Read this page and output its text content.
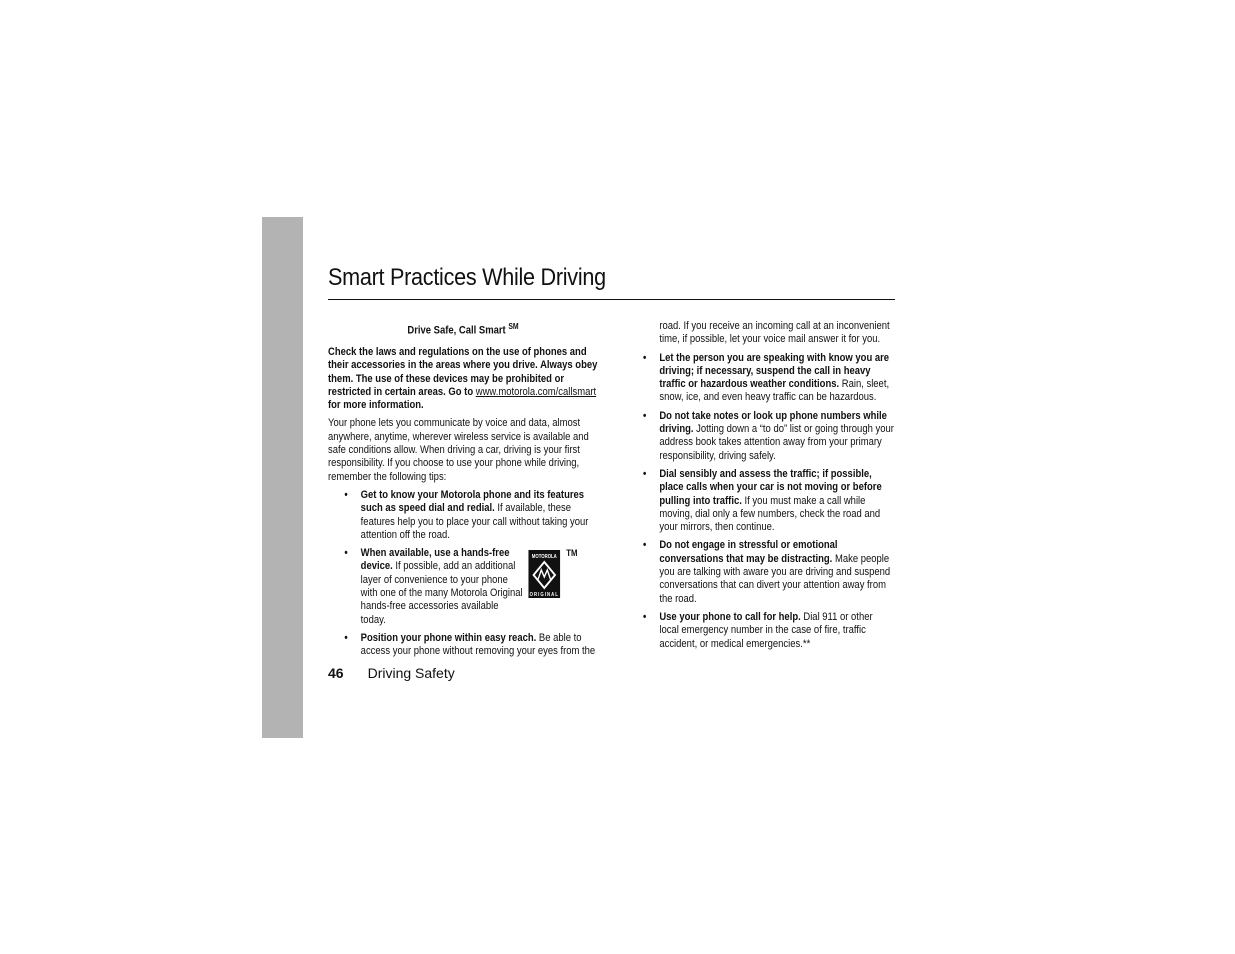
Smart Practices While Driving

Drive Safe, Call Smart ℠

Check the laws and regulations on the use of phones and their accessories in the areas where you drive. Always obey them. The use of these devices may be prohibited or restricted in certain areas. Go to www.motorola.com/callsmart for more information.

Your phone lets you communicate by voice and data, almost anywhere, anytime, wherever wireless service is available and safe conditions allow. When driving a car, driving is your first responsibility. If you choose to use your phone while driving, remember the following tips:

• Get to know your Motorola phone and its features such as speed dial and redial. If available, these features help you to place your call without taking your attention off the road.
• When available, use a hands-free device. If possible, add an additional layer of convenience to your phone with one of the many Motorola Original hands-free accessories available today.
MOTOROLA
ORIGINAL
TM
• Position your phone within easy reach. Be able to access your phone without removing your eyes from the

road. If you receive an incoming call at an inconvenient time, if possible, let your voice mail answer it for you.

• Let the person you are speaking with know you are driving; if necessary, suspend the call in heavy traffic or hazardous weather conditions. Rain, sleet, snow, ice, and even heavy traffic can be hazardous.
• Do not take notes or look up phone numbers while driving. Jotting down a “to do” list or going through your address book takes attention away from your primary responsibility, driving safely.
• Dial sensibly and assess the traffic; if possible, place calls when your car is not moving or before pulling into traffic. If you must make a call while moving, dial only a few numbers, check the road and your mirrors, then continue.
• Do not engage in stressful or emotional conversations that may be distracting. Make people you are talking with aware you are driving and suspend conversations that can divert your attention away from the road.
• Use your phone to call for help. Dial 911 or other local emergency number in the case of fire, traffic accident, or medical emergencies.**
46 Driving Safety
